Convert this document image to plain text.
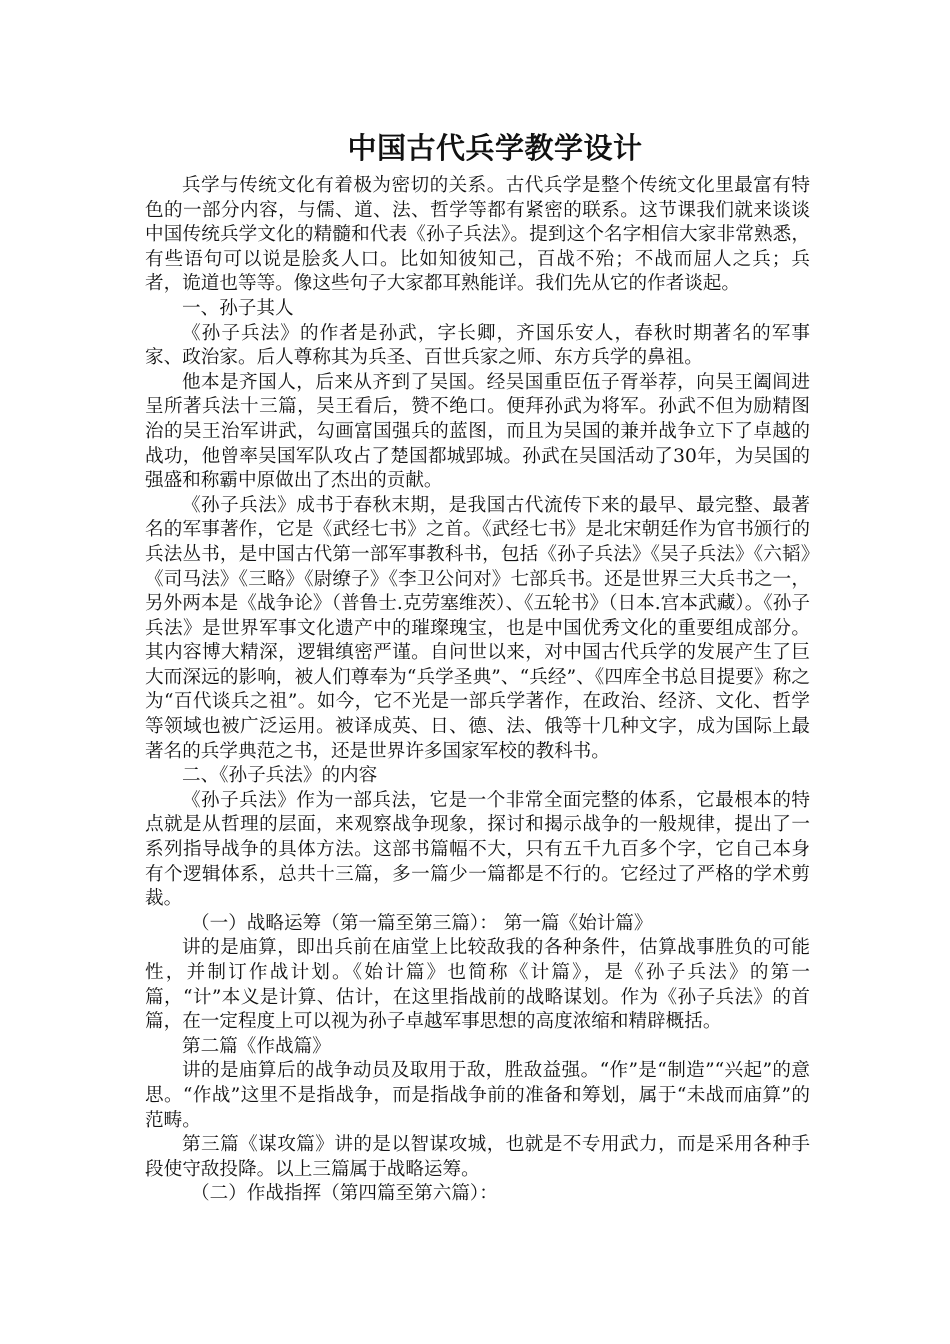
中国古代兵学教学设计

兵学与传统文化有着极为密切的关系。古代兵学是整个传统文化里最富有特色的一部分内容，与儒、道、法、哲学等都有紧密的联系。这节课我们就来谈谈中国传统兵学文化的精髓和代表《孙子兵法》。提到这个名字相信大家非常熟悉，有些语句可以说是脍炙人口。比如知彼知己，百战不殆；不战而屈人之兵；兵者，诡道也等等。像这些句子大家都耳熟能详。我们先从它的作者谈起。

一、孙子其人

《孙子兵法》的作者是孙武，字长卿，齐国乐安人，春秋时期著名的军事家、政治家。后人尊称其为兵圣、百世兵家之师、东方兵学的鼻祖。

他本是齐国人，后来从齐到了吴国。经吴国重臣伍子胥举荐，向吴王阖闾进呈所著兵法十三篇，吴王看后，赞不绝口。便拜孙武为将军。孙武不但为励精图治的吴王治军讲武，勾画富国强兵的蓝图，而且为吴国的兼并战争立下了卓越的战功，他曾率吴国军队攻占了楚国都城郢城。孙武在吴国活动了30年，为吴国的强盛和称霸中原做出了杰出的贡献。

《孙子兵法》成书于春秋末期，是我国古代流传下来的最早、最完整、最著名的军事著作，它是《武经七书》之首。《武经七书》是北宋朝廷作为官书颁行的兵法丛书，是中国古代第一部军事教科书，包括《孙子兵法》《吴子兵法》《六韬》《司马法》《三略》《尉缭子》《李卫公问对》七部兵书。还是世界三大兵书之一，另外两本是《战争论》（普鲁士.克劳塞维茨）、《五轮书》（日本.宫本武藏）。《孙子兵法》是世界军事文化遗产中的璀璨瑰宝，也是中国优秀文化的重要组成部分。其内容博大精深，逻辑缜密严谨。自问世以来，对中国古代兵学的发展产生了巨大而深远的影响，被人们尊奉为“兵学圣典”、“兵经”、《四库全书总目提要》称之为“百代谈兵之祖”。如今，它不光是一部兵学著作，在政治、经济、文化、哲学等领域也被广泛运用。被译成英、日、德、法、俄等十几种文字，成为国际上最著名的兵学典范之书，还是世界许多国家军校的教科书。

二、《孙子兵法》的内容

《孙子兵法》作为一部兵法，它是一个非常全面完整的体系，它最根本的特点就是从哲理的层面，来观察战争现象，探讨和揭示战争的一般规律，提出了一系列指导战争的具体方法。这部书篇幅不大，只有五千九百多个字，它自己本身有个逻辑体系，总共十三篇，多一篇少一篇都是不行的。它经过了严格的学术剪裁。

（一）战略运筹（第一篇至第三篇）： 第一篇《始计篇》

讲的是庙算，即出兵前在庙堂上比较敌我的各种条件，估算战事胜负的可能性，并制订作战计划。《始计篇》也简称《计篇》，是《孙子兵法》的第一篇，“计”本义是计算、估计，在这里指战前的战略谋划。作为《孙子兵法》的首篇，在一定程度上可以视为孙子卓越军事思想的高度浓缩和精辟概括。

第二篇《作战篇》

讲的是庙算后的战争动员及取用于敌，胜敌益强。“作”是“制造”“兴起”的意思。“作战”这里不是指战争，而是指战争前的准备和筹划，属于“未战而庙算”的范畴。

第三篇《谋攻篇》讲的是以智谋攻城，也就是不专用武力，而是采用各种手段使守敌投降。以上三篇属于战略运筹。

（二）作战指挥（第四篇至第六篇）：
